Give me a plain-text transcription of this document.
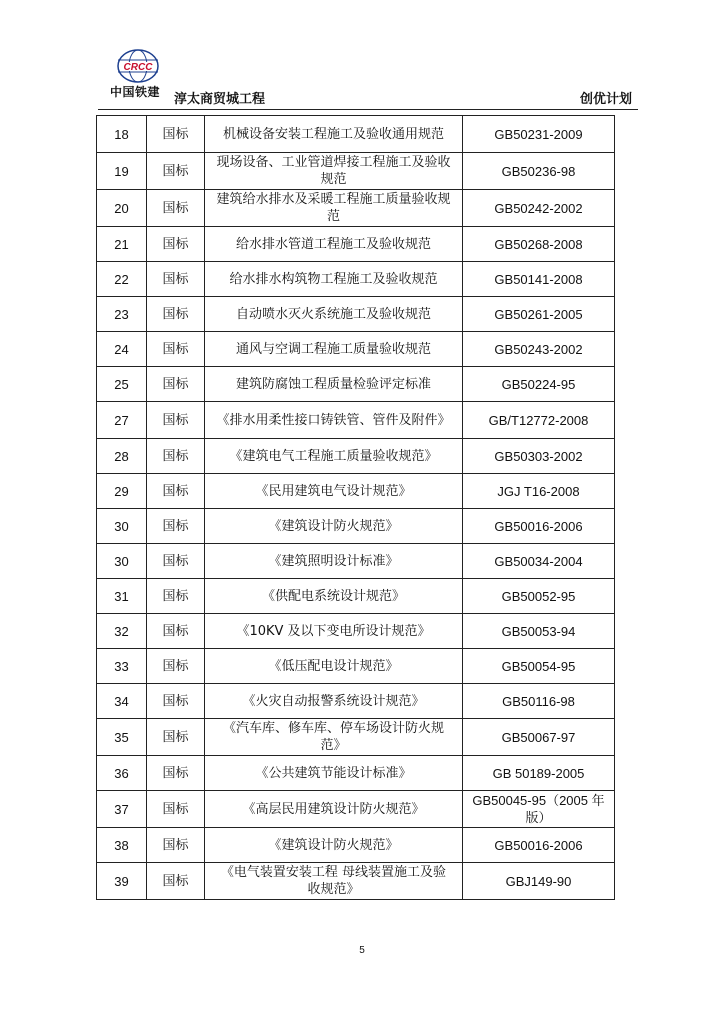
CRCC
中国铁建 淳太商贸城工程	创优计划
18	国标	机械设备安装工程施工及验收通用规范	GB50231-2009
19	国标	现场设备、工业管道焊接工程施工及验收规范	GB50236-98
20	国标	建筑给水排水及采暖工程施工质量验收规范	GB50242-2002
21	国标	给水排水管道工程施工及验收规范	GB50268-2008
22	国标	给水排水构筑物工程施工及验收规范	GB50141-2008
23	国标	自动喷水灭火系统施工及验收规范	GB50261-2005
24	国标	通风与空调工程施工质量验收规范	GB50243-2002
25	国标	建筑防腐蚀工程质量检验评定标准	GB50224-95
27	国标	《排水用柔性接口铸铁管、管件及附件》	GB/T12772-2008
28	国标	《建筑电气工程施工质量验收规范》	GB50303-2002
29	国标	《民用建筑电气设计规范》	JGJ T16-2008
30	国标	《建筑设计防火规范》	GB50016-2006
30	国标	《建筑照明设计标准》	GB50034-2004
31	国标	《供配电系统设计规范》	GB50052-95
32	国标	《10KV 及以下变电所设计规范》	GB50053-94
33	国标	《低压配电设计规范》	GB50054-95
34	国标	《火灾自动报警系统设计规范》	GB50116-98
35	国标	《汽车库、修车库、停车场设计防火规范》	GB50067-97
36	国标	《公共建筑节能设计标准》	GB 50189-2005
37	国标	《高层民用建筑设计防火规范》	GB50045-95（2005 年版）
38	国标	《建筑设计防火规范》	GB50016-2006
39	国标	《电气装置安装工程 母线装置施工及验收规范》	GBJ149-90
5
